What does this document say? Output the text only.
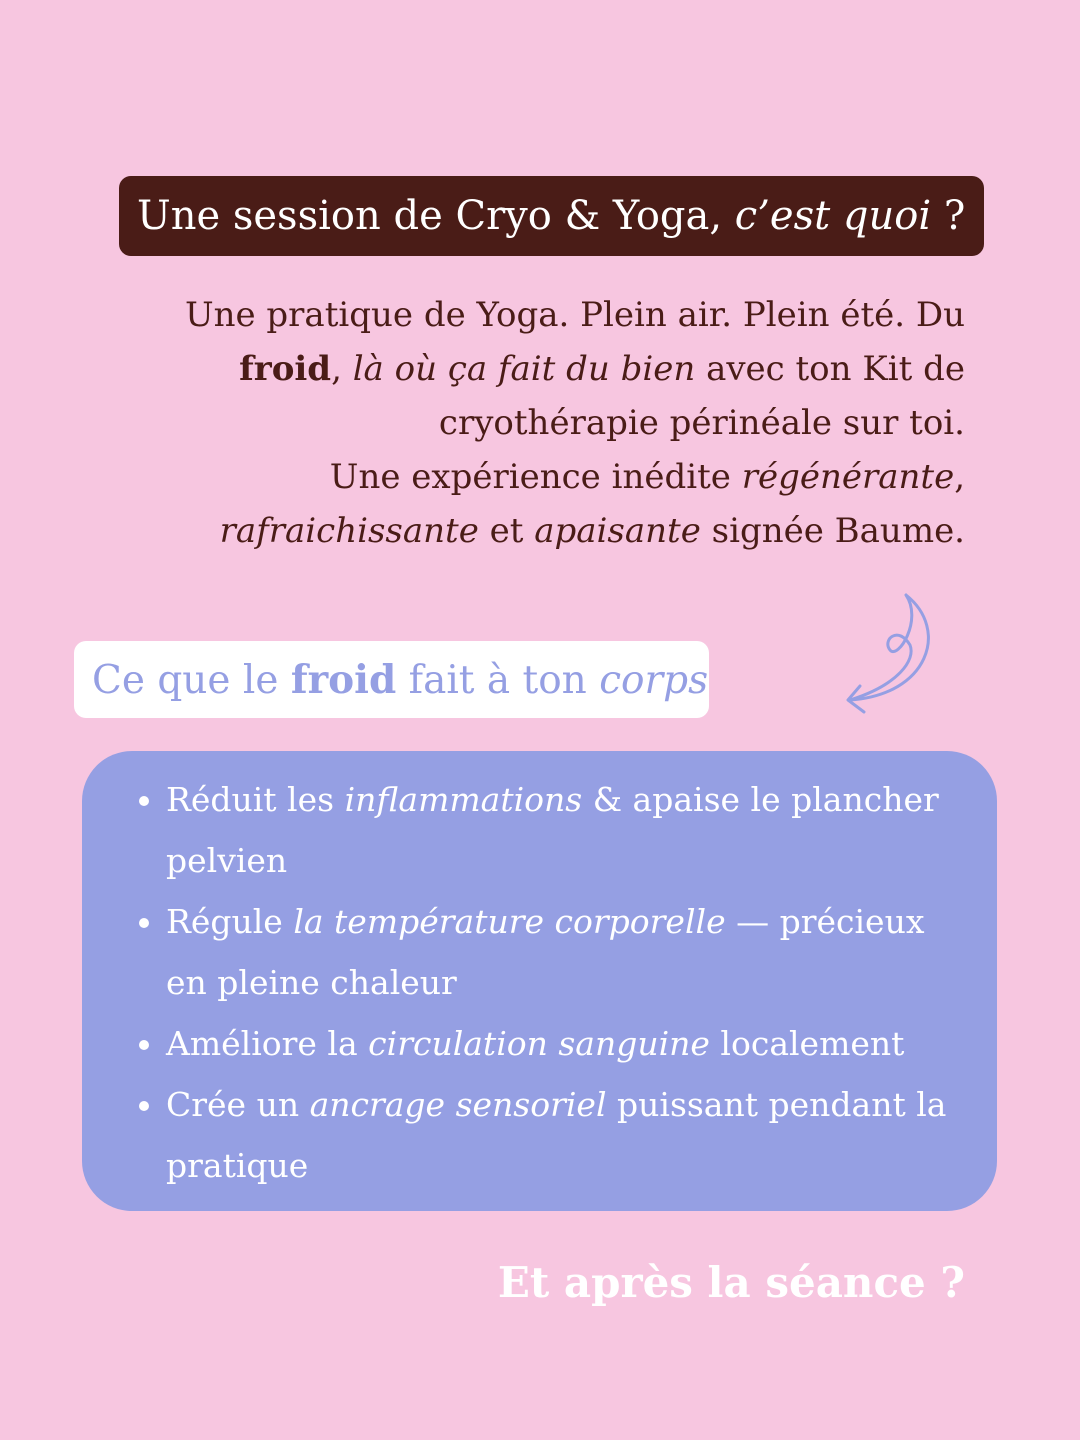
Une session de Cryo & Yoga, c’est quoi ?

Une pratique de Yoga. Plein air. Plein été. Du froid, là où ça fait du bien avec ton Kit de cryothérapie périnéale sur toi.

Une expérience inédite régénérante, rafraichissante et apaisante signée Baume.

Ce que le froid fait à ton corps
• Réduit les inflammations & apaise le plancher pelvien
• Régule la température corporelle — précieux en pleine chaleur
• Améliore la circulation sanguine localement
• Crée un ancrage sensoriel puissant pendant la pratique
Et après la séance ?
